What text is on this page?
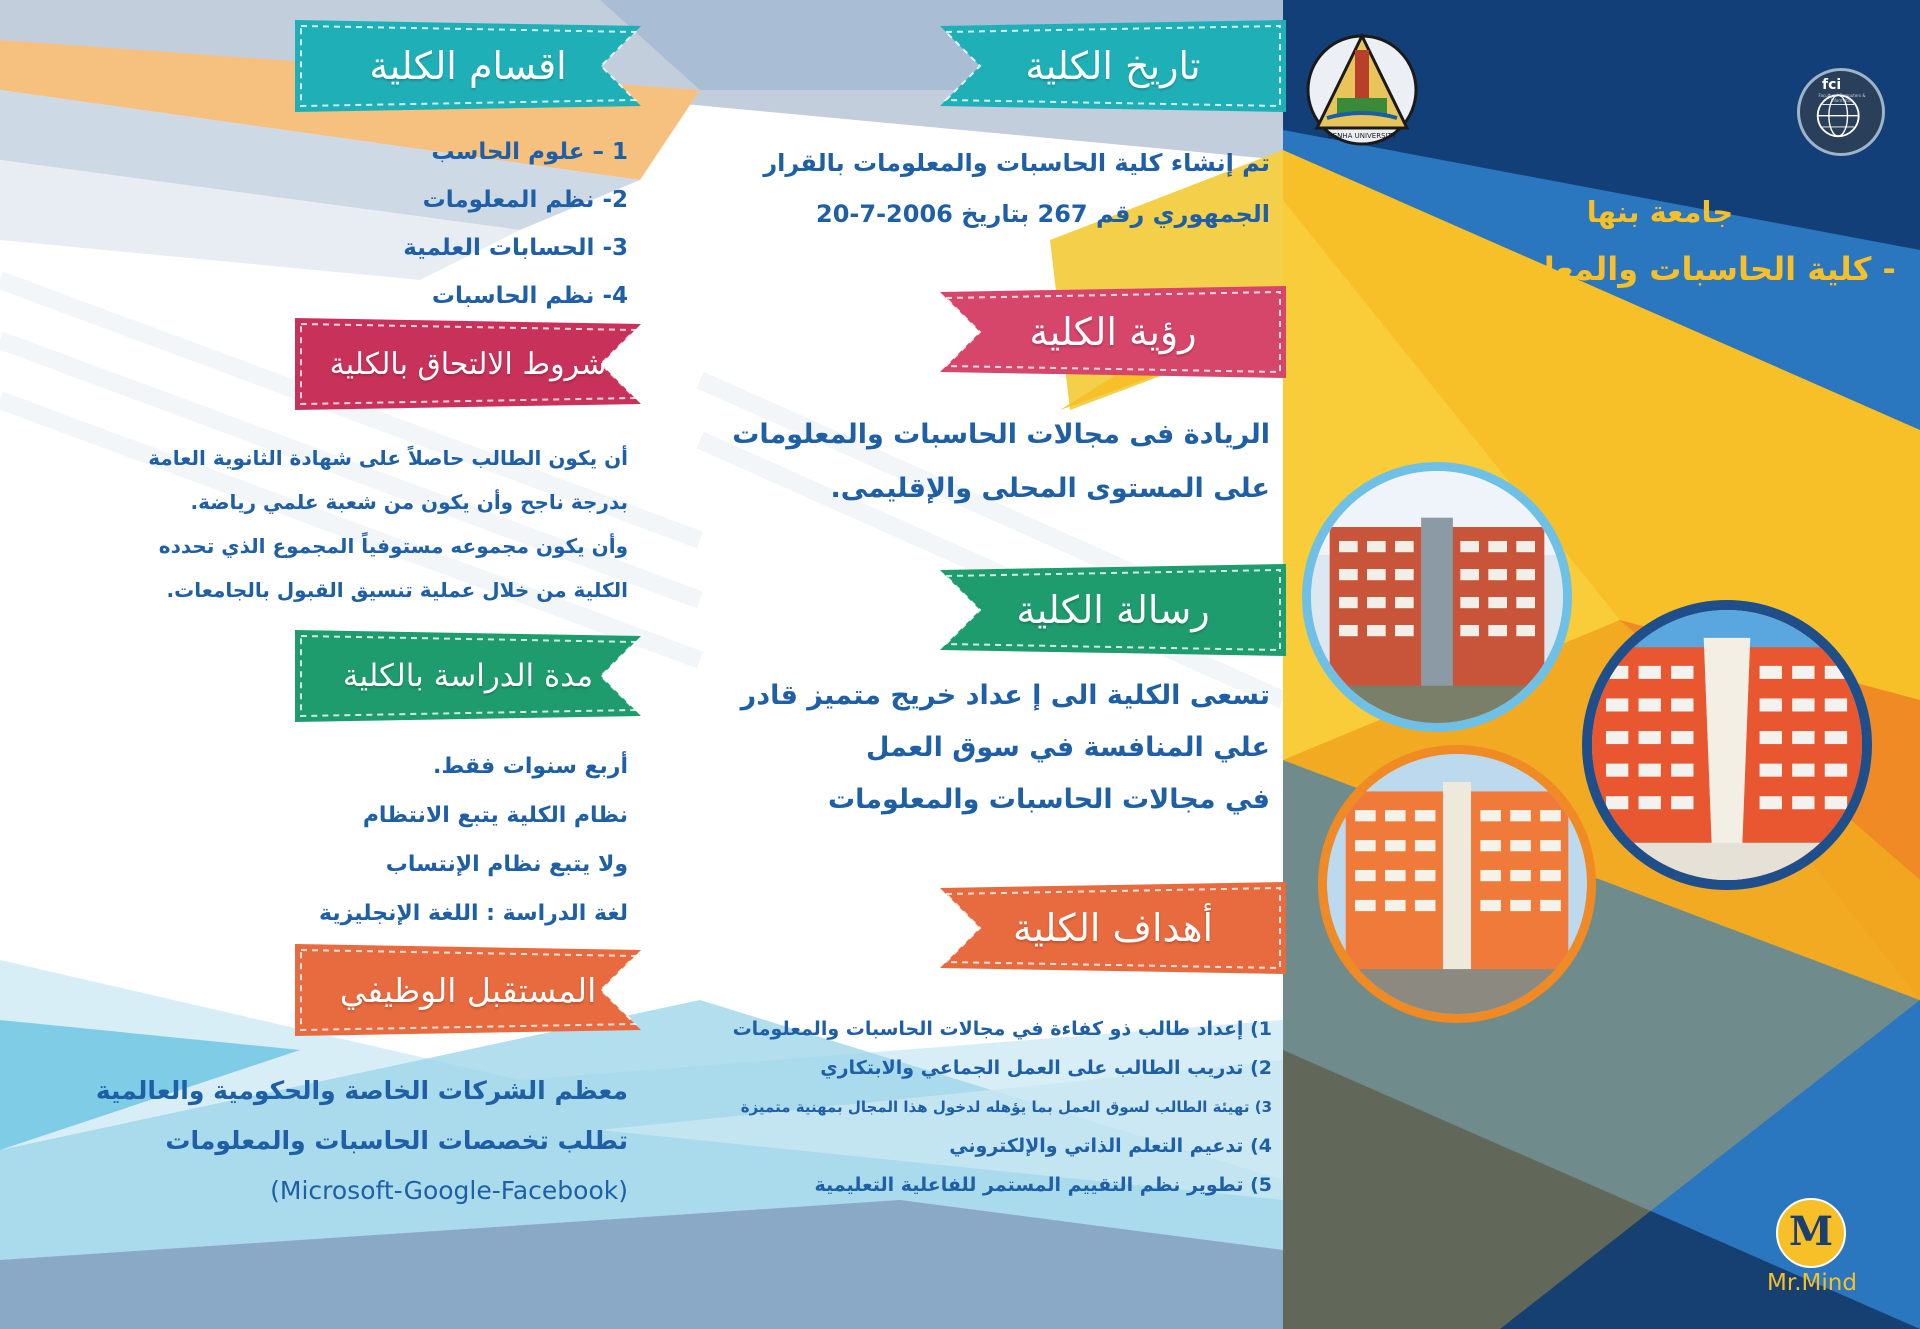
fci
Faculty of Computers & Informatics
BENHA UNIVERSITY
جامعة بنها
- كلية الحاسبات والمعلومات -
M
Mr.Mind
تاريخ الكلية
تم إنشاء كلية الحاسبات والمعلومات بالقرار
الجمهوري رقم 267 بتاريخ 2006-7-20
رؤية الكلية
الريادة فى مجالات الحاسبات والمعلومات
على المستوى المحلى والإقليمى.
رسالة الكلية
تسعى الكلية الى إ عداد خريج متميز قادر
علي المنافسة في سوق العمل
في مجالات الحاسبات والمعلومات
أهداف الكلية
1) إعداد طالب ذو كفاءة في مجالات الحاسبات والمعلومات
2) تدريب الطالب على العمل الجماعي والابتكاري
3) تهيئة الطالب لسوق العمل بما يؤهله لدخول هذا المجال بمهنية متميزة
4) تدعيم التعلم الذاتي والإلكتروني
5) تطوير نظم التقييم المستمر للفاعلية التعليمية
اقسام الكلية
1 – علوم الحاسب
2- نظم المعلومات
3- الحسابات العلمية
4- نظم الحاسبات
شروط الالتحاق بالكلية
أن يكون الطالب حاصلاً على شهادة الثانوية العامة
بدرجة ناجح وأن يكون من شعبة علمي رياضة.
وأن يكون مجموعه مستوفياً المجموع الذي تحدده
الكلية من خلال عملية تنسيق القبول بالجامعات.
مدة الدراسة بالكلية
أربع سنوات فقط.
نظام الكلية يتبع الانتظام
ولا يتبع نظام الإنتساب
لغة الدراسة : اللغة الإنجليزية
المستقبل الوظيفي
معظم الشركات الخاصة والحكومية والعالمية
تطلب تخصصات الحاسبات والمعلومات
(Microsoft-Google-Facebook)
